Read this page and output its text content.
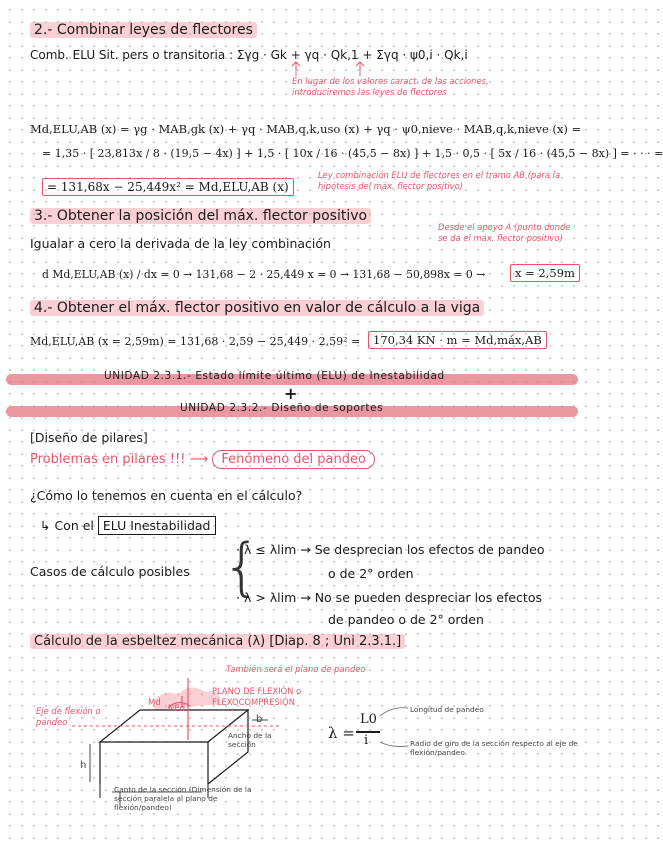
2.- Combinar leyes de flectores
Comb. ELU Sit. pers o transitoria : Σγg · Gk + γq · Qk,1 + Σγq · ψ0,i · Qk,i
En lugar de los valores caract. de las acciones, introduciremos las leyes de flectores
Md,ELU,AB (x) = γg · MAB,gk (x) + γq · MAB,q,k,uso (x) + γq · ψ0,nieve · MAB,q,k,nieve (x) =
= 1,35 · [ 23,813x / 8 · (19,5 − 4x) ] + 1,5 · [ 10x / 16 · (45,5 − 8x) ] + 1,5 · 0,5 · [ 5x / 16 · (45,5 − 8x) ] = · · · =
= 131,68x − 25,449x² = Md,ELU,AB (x)
Ley combinación ELU de flectores en el tramo AB (para la hipótesis del máx. flector positivo)
3.- Obtener la posición del máx. flector positivo
Igualar a cero la derivada de la ley combinación
Desde el apoyo A (punto donde se da el máx. flector positivo)
d Md,ELU,AB (x) / dx = 0 → 131,68 − 2 · 25,449 x = 0 → 131,68 − 50,898x = 0 →	x = 2,59m
4.- Obtener el máx. flector positivo en valor de cálculo a la viga
Md,ELU,AB (x = 2,59m) = 131,68 · 2,59 − 25,449 · 2,59² =	170,34 KN · m = Md,máx,AB
UNIDAD 2.3.1.- Estado límite último (ELU) de Inestabilidad
+
UNIDAD 2.3.2.- Diseño de soportes
[Diseño de pilares]
Problemas en pilares !!! ⟶ Fenómeno del pandeo
¿Cómo lo tenemos en cuenta en el cálculo?
↳ Con el ELU Inestabilidad
Casos de cálculo posibles {
· λ ≤ λlim → Se desprecian los efectos de pandeo
o de 2° orden
· λ > λlim → No se pueden despreciar los efectos
de pandeo o de 2° orden
Cálculo de la esbeltez mecánica (λ) [Diap. 8 ; Uni 2.3.1.]
Md
NEd
También será el plano de pandeo
PLANO DE FLEXIÓN o FLEXOCOMPRESIÓN
Eje de flexión o pandeo
Ancho de la sección
h
b
Canto de la sección (Dimensión de la sección paralela al plano de flexión/pandeo)
λ =
L0
i
Longitud de pandeo
Radio de giro de la sección respecto al eje de flexión/pandeo
